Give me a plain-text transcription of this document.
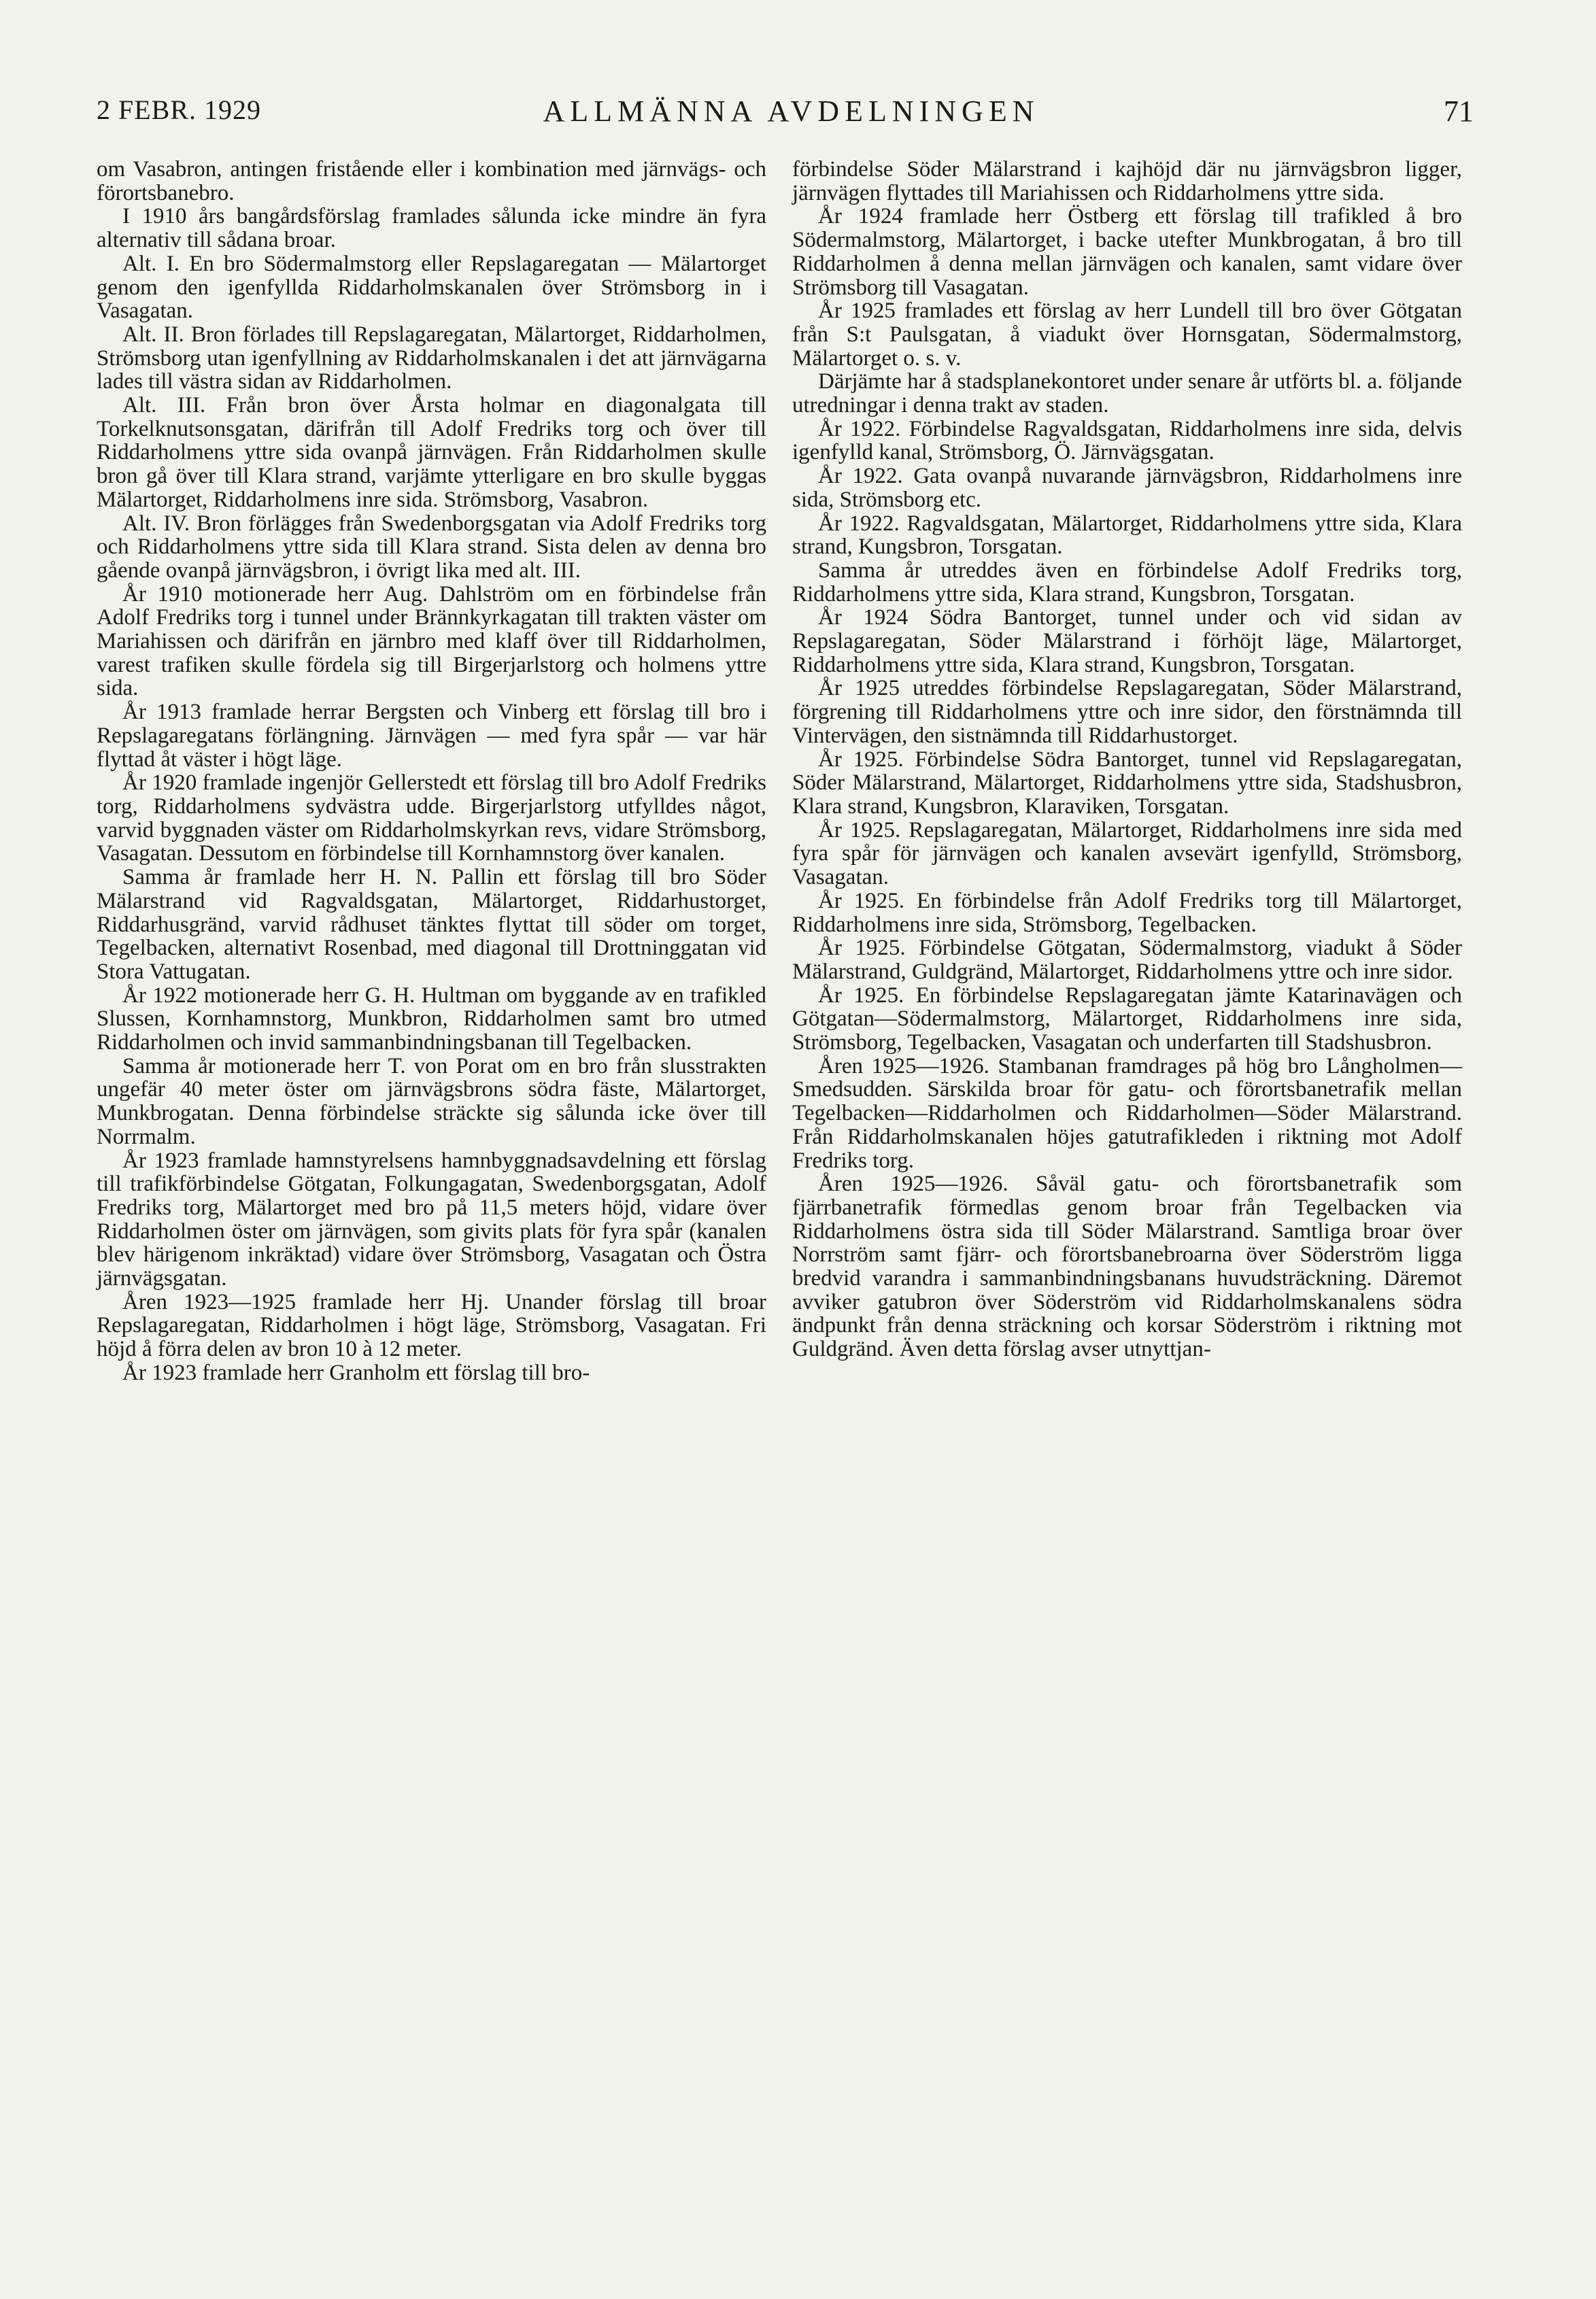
2 FEBR. 1929	ALLMÄNNA AVDELNINGEN	71

om Vasabron, antingen fristående eller i kombination med järnvägs- och förortsbanebro.

I 1910 års bangårdsförslag framlades sålunda icke mindre än fyra alternativ till sådana broar.

Alt. I. En bro Södermalmstorg eller Repslagaregatan — Mälartorget genom den igenfyllda Riddarholmskanalen över Strömsborg in i Vasagatan.

Alt. II. Bron förlades till Repslagaregatan, Mälartorget, Riddarholmen, Strömsborg utan igenfyllning av Riddarholmskanalen i det att järnvägarna lades till västra sidan av Riddarholmen.

Alt. III. Från bron över Årsta holmar en diagonalgata till Torkelknutsonsgatan, därifrån till Adolf Fredriks torg och över till Riddarholmens yttre sida ovanpå järnvägen. Från Riddarholmen skulle bron gå över till Klara strand, varjämte ytterligare en bro skulle byggas Mälartorget, Riddarholmens inre sida. Strömsborg, Vasabron.

Alt. IV. Bron förlägges från Swedenborgsgatan via Adolf Fredriks torg och Riddarholmens yttre sida till Klara strand. Sista delen av denna bro gående ovanpå järnvägsbron, i övrigt lika med alt. III.

År 1910 motionerade herr Aug. Dahlström om en förbindelse från Adolf Fredriks torg i tunnel under Brännkyrkagatan till trakten väster om Mariahissen och därifrån en järnbro med klaff över till Riddarholmen, varest trafiken skulle fördela sig till Birgerjarlstorg och holmens yttre sida.

År 1913 framlade herrar Bergsten och Vinberg ett förslag till bro i Repslagaregatans förlängning. Järnvägen — med fyra spår — var här flyttad åt väster i högt läge.

År 1920 framlade ingenjör Gellerstedt ett förslag till bro Adolf Fredriks torg, Riddarholmens sydvästra udde. Birgerjarlstorg utfylldes något, varvid byggnaden väster om Riddarholmskyrkan revs, vidare Strömsborg, Vasagatan. Dessutom en förbindelse till Kornhamnstorg över kanalen.

Samma år framlade herr H. N. Pallin ett förslag till bro Söder Mälarstrand vid Ragvaldsgatan, Mälartorget, Riddarhustorget, Riddarhusgränd, varvid rådhuset tänktes flyttat till söder om torget, Tegelbacken, alternativt Rosenbad, med diagonal till Drottninggatan vid Stora Vattugatan.

År 1922 motionerade herr G. H. Hultman om byggande av en trafikled Slussen, Kornhamnstorg, Munkbron, Riddarholmen samt bro utmed Riddarholmen och invid sammanbindningsbanan till Tegelbacken.

Samma år motionerade herr T. von Porat om en bro från slusstrakten ungefär 40 meter öster om järnvägsbrons södra fäste, Mälartorget, Munkbrogatan. Denna förbindelse sträckte sig sålunda icke över till Norrmalm.

År 1923 framlade hamnstyrelsens hamnbyggnadsavdelning ett förslag till trafikförbindelse Götgatan, Folkungagatan, Swedenborgsgatan, Adolf Fredriks torg, Mälartorget med bro på 11,5 meters höjd, vidare över Riddarholmen öster om järnvägen, som givits plats för fyra spår (kanalen blev härigenom inkräktad) vidare över Strömsborg, Vasagatan och Östra järnvägsgatan.

Åren 1923—1925 framlade herr Hj. Unander förslag till broar Repslagaregatan, Riddarholmen i högt läge, Strömsborg, Vasagatan. Fri höjd å förra delen av bron 10 à 12 meter.

År 1923 framlade herr Granholm ett förslag till bro-

förbindelse Söder Mälarstrand i kajhöjd där nu järnvägsbron ligger, järnvägen flyttades till Mariahissen och Riddarholmens yttre sida.

År 1924 framlade herr Östberg ett förslag till trafikled å bro Södermalmstorg, Mälartorget, i backe utefter Munkbrogatan, å bro till Riddarholmen å denna mellan järnvägen och kanalen, samt vidare över Strömsborg till Vasagatan.

År 1925 framlades ett förslag av herr Lundell till bro över Götgatan från S:t Paulsgatan, å viadukt över Hornsgatan, Södermalmstorg, Mälartorget o. s. v.

Därjämte har å stadsplanekontoret under senare år utförts bl. a. följande utredningar i denna trakt av staden.

År 1922. Förbindelse Ragvaldsgatan, Riddarholmens inre sida, delvis igenfylld kanal, Strömsborg, Ö. Järnvägsgatan.

År 1922. Gata ovanpå nuvarande järnvägsbron, Riddarholmens inre sida, Strömsborg etc.

År 1922. Ragvaldsgatan, Mälartorget, Riddarholmens yttre sida, Klara strand, Kungsbron, Torsgatan.

Samma år utreddes även en förbindelse Adolf Fredriks torg, Riddarholmens yttre sida, Klara strand, Kungsbron, Torsgatan.

År 1924 Södra Bantorget, tunnel under och vid sidan av Repslagaregatan, Söder Mälarstrand i förhöjt läge, Mälartorget, Riddarholmens yttre sida, Klara strand, Kungsbron, Torsgatan.

År 1925 utreddes förbindelse Repslagaregatan, Söder Mälarstrand, förgrening till Riddarholmens yttre och inre sidor, den förstnämnda till Vintervägen, den sistnämnda till Riddarhustorget.

År 1925. Förbindelse Södra Bantorget, tunnel vid Repslagaregatan, Söder Mälarstrand, Mälartorget, Riddarholmens yttre sida, Stadshusbron, Klara strand, Kungsbron, Klaraviken, Torsgatan.

År 1925. Repslagaregatan, Mälartorget, Riddarholmens inre sida med fyra spår för järnvägen och kanalen avsevärt igenfylld, Strömsborg, Vasagatan.

År 1925. En förbindelse från Adolf Fredriks torg till Mälartorget, Riddarholmens inre sida, Strömsborg, Tegelbacken.

År 1925. Förbindelse Götgatan, Södermalmstorg, viadukt å Söder Mälarstrand, Guldgränd, Mälartorget, Riddarholmens yttre och inre sidor.

År 1925. En förbindelse Repslagaregatan jämte Katarinavägen och Götgatan—Södermalmstorg, Mälartorget, Riddarholmens inre sida, Strömsborg, Tegelbacken, Vasagatan och underfarten till Stadshusbron.

Åren 1925—1926. Stambanan framdrages på hög bro Långholmen—Smedsudden. Särskilda broar för gatu- och förortsbanetrafik mellan Tegelbacken—Riddarholmen och Riddarholmen—Söder Mälarstrand. Från Riddarholmskanalen höjes gatutrafikleden i riktning mot Adolf Fredriks torg.

Åren 1925—1926. Såväl gatu- och förortsbanetrafik som fjärrbanetrafik förmedlas genom broar från Tegelbacken via Riddarholmens östra sida till Söder Mälarstrand. Samtliga broar över Norrström samt fjärr- och förortsbanebroarna över Söderström ligga bredvid varandra i sammanbindningsbanans huvudsträckning. Däremot avviker gatubron över Söderström vid Riddarholmskanalens södra ändpunkt från denna sträckning och korsar Söderström i riktning mot Guldgränd. Även detta förslag avser utnyttjan-
